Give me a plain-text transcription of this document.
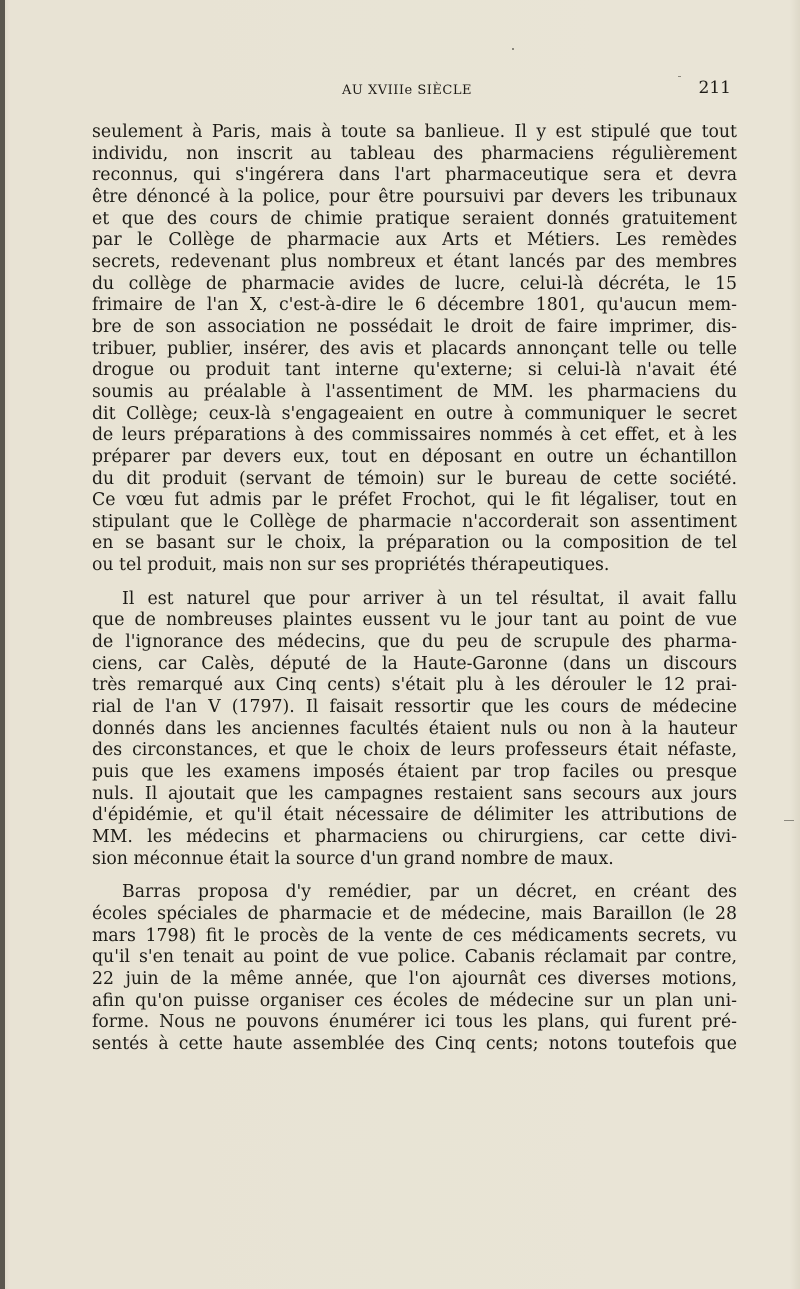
AU XVIIIe SIÈCLE	211

seulement à Paris, mais à toute sa banlieue. Il y est stipulé que tout

individu, non inscrit au tableau des pharmaciens régulièrement

reconnus, qui s'ingérera dans l'art pharmaceutique sera et devra

être dénoncé à la police, pour être poursuivi par devers les tribunaux

et que des cours de chimie pratique seraient donnés gratuitement

par le Collège de pharmacie aux Arts et Métiers. Les remèdes

secrets, redevenant plus nombreux et étant lancés par des membres

du collège de pharmacie avides de lucre, celui-là décréta, le 15

frimaire de l'an X, c'est-à-dire le 6 décembre 1801, qu'aucun mem-

bre de son association ne possédait le droit de faire imprimer, dis-

tribuer, publier, insérer, des avis et placards annonçant telle ou telle

drogue ou produit tant interne qu'externe; si celui-là n'avait été

soumis au préalable à l'assentiment de MM. les pharmaciens du

dit Collège; ceux-là s'engageaient en outre à communiquer le secret

de leurs préparations à des commissaires nommés à cet effet, et à les

préparer par devers eux, tout en déposant en outre un échantillon

du dit produit (servant de témoin) sur le bureau de cette société.

Ce vœu fut admis par le préfet Frochot, qui le fit légaliser, tout en

stipulant que le Collège de pharmacie n'accorderait son assentiment

en se basant sur le choix, la préparation ou la composition de tel

ou tel produit, mais non sur ses propriétés thérapeutiques.

Il est naturel que pour arriver à un tel résultat, il avait fallu

que de nombreuses plaintes eussent vu le jour tant au point de vue

de l'ignorance des médecins, que du peu de scrupule des pharma-

ciens, car Calès, député de la Haute-Garonne (dans un discours

très remarqué aux Cinq cents) s'était plu à les dérouler le 12 prai-

rial de l'an V (1797). Il faisait ressortir que les cours de médecine

donnés dans les anciennes facultés étaient nuls ou non à la hauteur

des circonstances, et que le choix de leurs professeurs était néfaste,

puis que les examens imposés étaient par trop faciles ou presque

nuls. Il ajoutait que les campagnes restaient sans secours aux jours

d'épidémie, et qu'il était nécessaire de délimiter les attributions de

MM. les médecins et pharmaciens ou chirurgiens, car cette divi-

sion méconnue était la source d'un grand nombre de maux.

Barras proposa d'y remédier, par un décret, en créant des

écoles spéciales de pharmacie et de médecine, mais Baraillon (le 28

mars 1798) fit le procès de la vente de ces médicaments secrets, vu

qu'il s'en tenait au point de vue police. Cabanis réclamait par contre,

22 juin de la même année, que l'on ajournât ces diverses motions,

afin qu'on puisse organiser ces écoles de médecine sur un plan uni-

forme. Nous ne pouvons énumérer ici tous les plans, qui furent pré-

sentés à cette haute assemblée des Cinq cents; notons toutefois que
